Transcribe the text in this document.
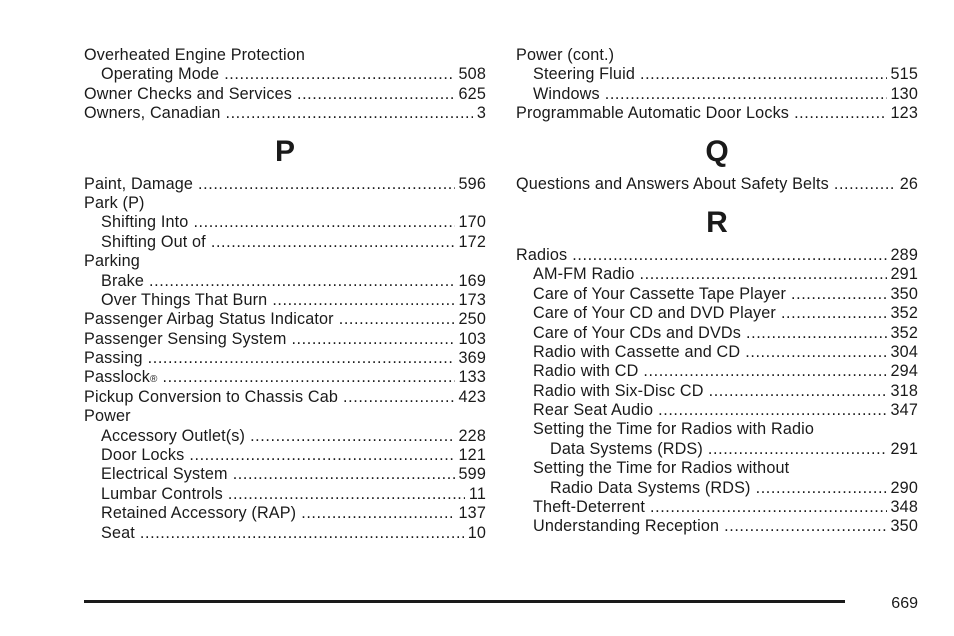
Overheated Engine Protection
Operating Mode .....	508
Owner Checks and Services .....	625
Owners, Canadian .....	3
P
Paint, Damage .....	596
Park (P)
Shifting Into .....	170
Shifting Out of .....	172
Parking
Brake .....	169
Over Things That Burn .....	173
Passenger Airbag Status Indicator .....	250
Passenger Sensing System .....	103
Passing .....	369
Passlock ® .....	133
Pickup Conversion to Chassis Cab .....	423
Power
Accessory Outlet(s) .....	228
Door Locks .....	121
Electrical System .....	599
Lumbar Controls .....	11
Retained Accessory (RAP) .....	137
Seat .....	10
Power (cont.)
Steering Fluid .....	515
Windows .....	130
Programmable Automatic Door Locks .....	123
Q
Questions and Answers About Safety Belts .....	26
R
Radios .....	289
AM-FM Radio .....	291
Care of Your Cassette Tape Player .....	350
Care of Your CD and DVD Player .....	352
Care of Your CDs and DVDs .....	352
Radio with Cassette and CD .....	304
Radio with CD .....	294
Radio with Six-Disc CD .....	318
Rear Seat Audio .....	347
Setting the Time for Radios with Radio
Data Systems (RDS) .....	291
Setting the Time for Radios without
Radio Data Systems (RDS) .....	290
Theft-Deterrent .....	348
Understanding Reception .....	350
669
